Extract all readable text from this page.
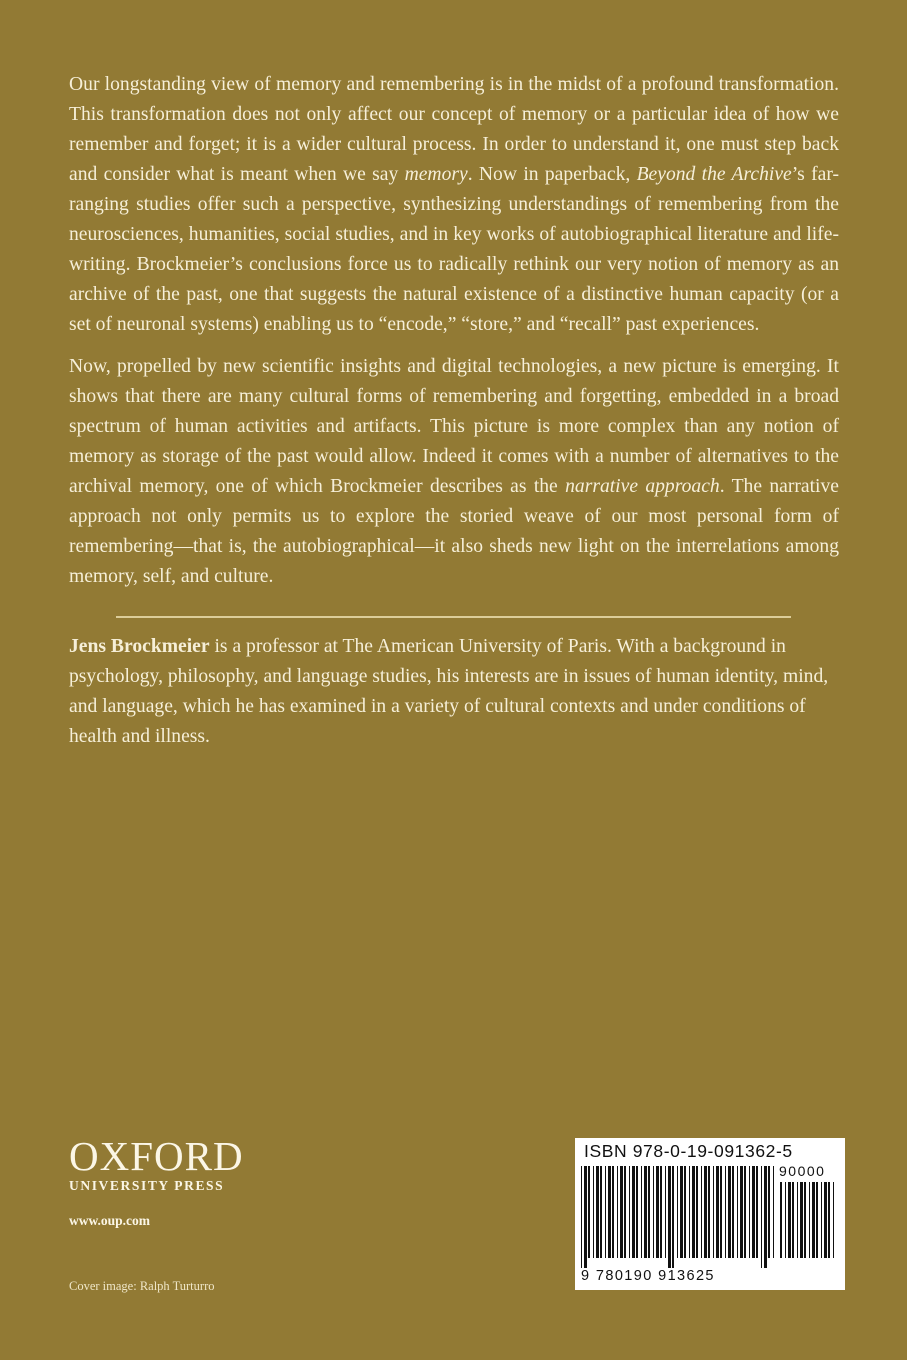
Our longstanding view of memory and remembering is in the midst of a profound transformation. This transformation does not only affect our concept of memory or a particular idea of how we remember and forget; it is a wider cultural process. In order to understand it, one must step back and consider what is meant when we say memory. Now in paperback, Beyond the Archive’s far-ranging studies offer such a perspective, synthesizing understandings of remembering from the neurosciences, humanities, social studies, and in key works of autobiographical literature and life-writing. Brockmeier’s conclusions force us to radically rethink our very notion of memory as an archive of the past, one that suggests the natural existence of a distinctive human capacity (or a set of neuronal systems) enabling us to “encode,” “store,” and “recall” past experiences.

Now, propelled by new scientific insights and digital technologies, a new picture is emerging. It shows that there are many cultural forms of remembering and forgetting, embedded in a broad spectrum of human activities and artifacts. This picture is more complex than any notion of memory as storage of the past would allow. Indeed it comes with a number of alternatives to the archival memory, one of which Brockmeier describes as the narrative approach. The narrative approach not only permits us to explore the storied weave of our most personal form of remembering—that is, the autobiographical—it also sheds new light on the interrelations among memory, self, and culture.

Jens Brockmeier is a professor at The American University of Paris. With a background in psychology, philosophy, and language studies, his interests are in issues of human identity, mind, and language, which he has examined in a variety of cultural contexts and under conditions of health and illness.

OXFORD
UNIVERSITY PRESS
www.oup.com
Cover image: Ralph Turturro
ISBN 978-0-19-091362-5
90000
9 780190 913625
